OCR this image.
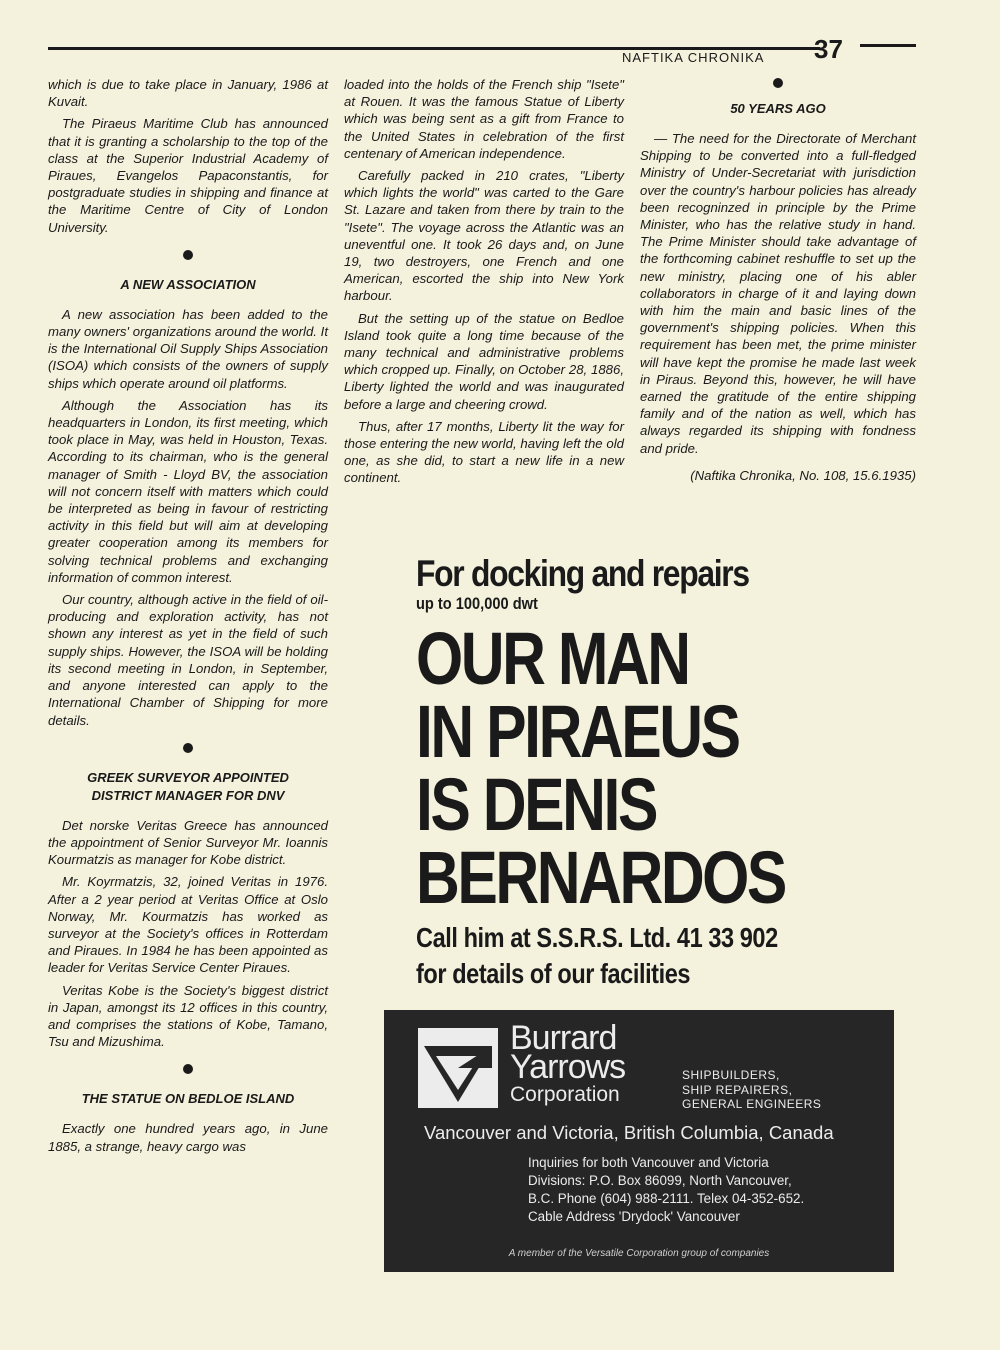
NAFTIKA CHRONIKA 37

which is due to take place in January, 1986 at Kuvait.

The Piraeus Maritime Club has announced that it is granting a scholarship to the top of the class at the Superior Industrial Academy of Piraues, Evangelos Papaconstantis, for postgraduate studies in shipping and finance at the Maritime Centre of City of London University.

A NEW ASSOCIATION

A new association has been added to the many owners' organizations around the world. It is the International Oil Supply Ships Association (ISOA) which consists of the owners of supply ships which operate around oil platforms.

Although the Association has its headquarters in London, its first meeting, which took place in May, was held in Houston, Texas. According to its chairman, who is the general manager of Smith - Lloyd BV, the association will not concern itself with matters which could be interpreted as being in favour of restricting activity in this field but will aim at developing greater cooperation among its members for solving technical problems and exchanging information of common interest.

Our country, although active in the field of oil-producing and exploration activity, has not shown any interest as yet in the field of such supply ships. However, the ISOA will be holding its second meeting in London, in September, and anyone interested can apply to the International Chamber of Shipping for more details.

GREEK SURVEYOR APPOINTED
DISTRICT MANAGER FOR DNV

Det norske Veritas Greece has announced the appointment of Senior Surveyor Mr. Ioannis Kourmatzis as manager for Kobe district.

Mr. Koyrmatzis, 32, joined Veritas in 1976. After a 2 year period at Veritas Office at Oslo Norway, Mr. Kourmatzis has worked as surveyor at the Society's offices in Rotterdam and Piraues. In 1984 he has been appointed as leader for Veritas Service Center Piraues.

Veritas Kobe is the Society's biggest district in Japan, amongst its 12 offices in this country, and comprises the stations of Kobe, Tamano, Tsu and Mizushima.

THE STATUE ON BEDLOE ISLAND

Exactly one hundred years ago, in June 1885, a strange, heavy cargo was

loaded into the holds of the French ship "Isete" at Rouen. It was the famous Statue of Liberty which was being sent as a gift from France to the United States in celebration of the first centenary of American independence.

Carefully packed in 210 crates, "Liberty which lights the world" was carted to the Gare St. Lazare and taken from there by train to the "Isete". The voyage across the Atlantic was an uneventful one. It took 26 days and, on June 19, two destroyers, one French and one American, escorted the ship into New York harbour.

But the setting up of the statue on Bedloe Island took quite a long time because of the many technical and administrative problems which cropped up. Finally, on October 28, 1886, Liberty lighted the world and was inaugurated before a large and cheering crowd.

Thus, after 17 months, Liberty lit the way for those entering the new world, having left the old one, as she did, to start a new life in a new continent.

50 YEARS AGO

— The need for the Directorate of Merchant Shipping to be converted into a full-fledged Ministry of Under-Secretariat with jurisdiction over the country's harbour policies has already been recogninzed in principle by the Prime Minister, who has the relative study in hand. The Prime Minister should take advantage of the forthcoming cabinet reshuffle to set up the new ministry, placing one of his abler collaborators in charge of it and laying down with him the main and basic lines of the government's shipping policies. When this requirement has been met, the prime minister will have kept the promise he made last week in Piraus. Beyond this, however, he will have earned the gratitude of the entire shipping family and of the nation as well, which has always regarded its shipping with fondness and pride.

(Naftika Chronika, No. 108, 15.6.1935)
For docking and repairs
up to 100,000 dwt
OUR MAN
IN PIRAEUS
IS DENIS
BERNARDOS
Call him at S.S.R.S. Ltd. 41 33 902
for details of our facilities
Burrard
Yarrows
Corporation
SHIPBUILDERS,
SHIP REPAIRERS,
GENERAL ENGINEERS
Vancouver and Victoria, British Columbia, Canada
Inquiries for both Vancouver and Victoria
Divisions: P.O. Box 86099, North Vancouver,
B.C. Phone (604) 988-2111. Telex 04-352-652.
Cable Address 'Drydock' Vancouver
A member of the Versatile Corporation group of companies
